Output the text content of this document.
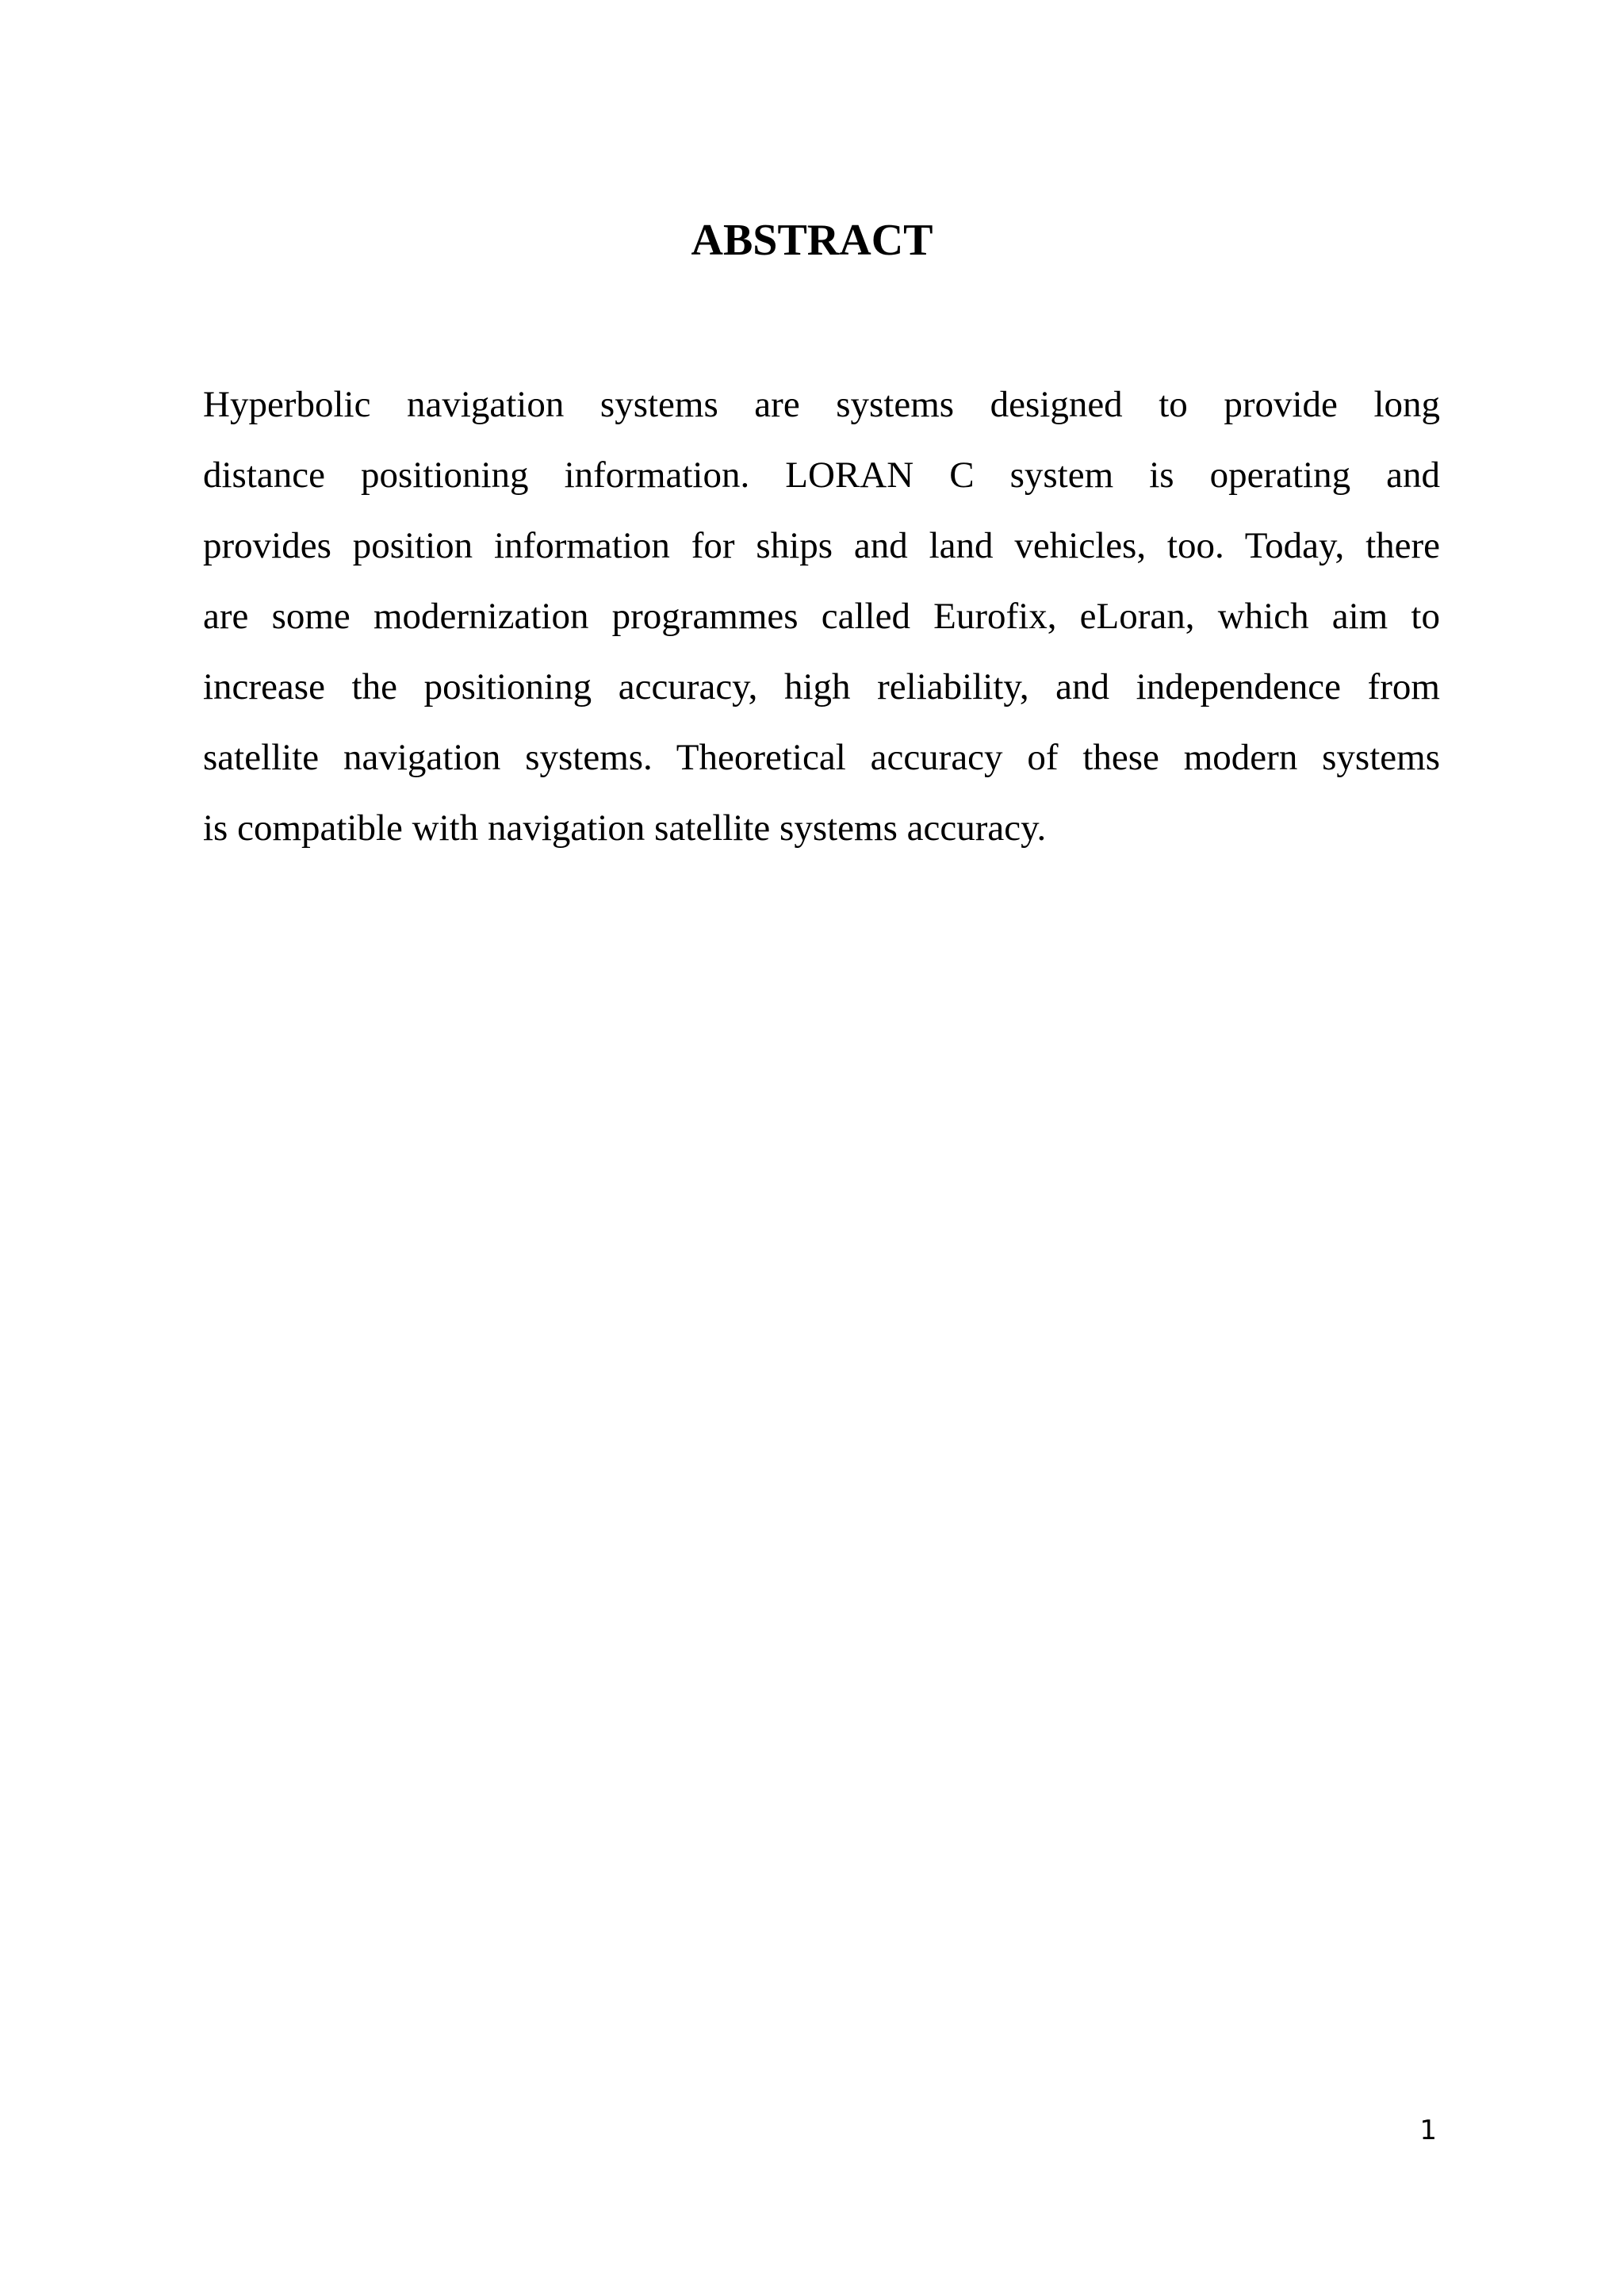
ABSTRACT
Hyperbolic navigation systems are systems designed to provide long
distance positioning information. LORAN C system is operating and
provides position information for ships and land vehicles, too. Today, there
are some modernization programmes called Eurofix, eLoran, which aim to
increase the positioning accuracy, high reliability, and independence from
satellite navigation systems. Theoretical accuracy of these modern systems
is compatible with navigation satellite systems accuracy.
1
